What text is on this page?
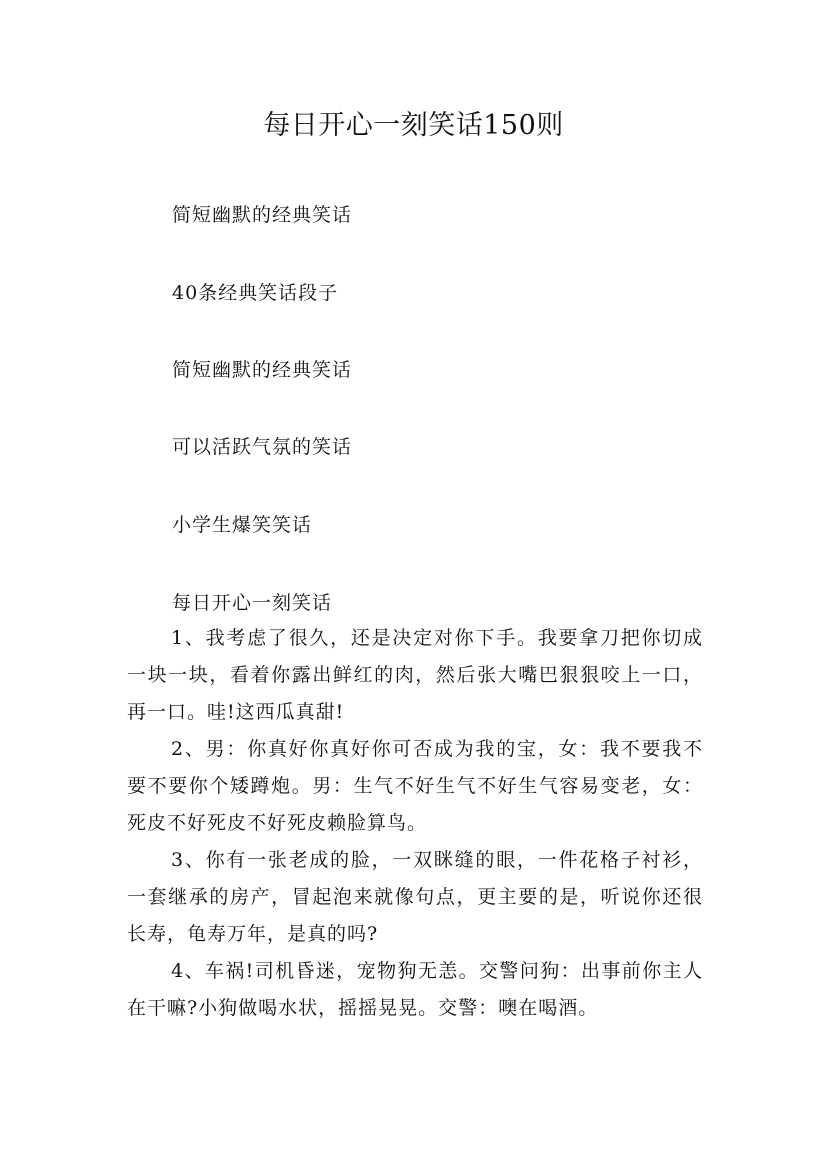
每日开心一刻笑话150则

简短幽默的经典笑话

40条经典笑话段子

简短幽默的经典笑话

可以活跃气氛的笑话

小学生爆笑笑话

每日开心一刻笑话

1、我考虑了很久，还是决定对你下手。我要拿刀把你切成一块一块，看着你露出鲜红的肉，然后张大嘴巴狠狠咬上一口，再一口。哇!这西瓜真甜!

2、男：你真好你真好你可否成为我的宝，女：我不要我不要不要你个矮蹲炮。男：生气不好生气不好生气容易变老，女：死皮不好死皮不好死皮赖脸算鸟。

3、你有一张老成的脸，一双眯缝的眼，一件花格子衬衫，一套继承的房产，冒起泡来就像句点，更主要的是，听说你还很长寿，龟寿万年，是真的吗?

4、车祸!司机昏迷，宠物狗无恙。交警问狗：出事前你主人在干嘛?小狗做喝水状，摇摇晃晃。交警：噢在喝酒。
